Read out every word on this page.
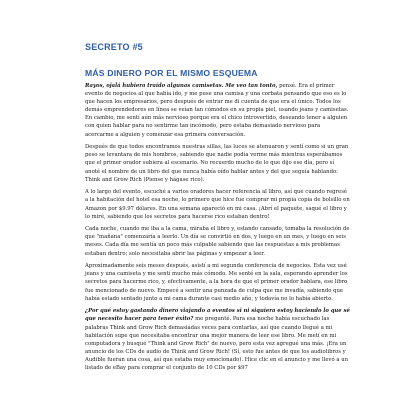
SECRETO #5
MÁS DINERO POR EL MISMO ESQUEMA

Rayos, ojalá hubiera traído algunas camisetas. Me veo tan tonto, pensé. Era el primer evento de negocios al que había ido, y me puse una camisa y una corbata pensando que eso es lo que hacen los empresarios, pero después de entrar me di cuenta de que era el único. Todos los demás emprendedores en línea se veían tan cómodos en su propia piel, usando jeans y camisetas. En cambio, me sentí aún más nervioso porque era el chico introvertido, deseando tener a alguien con quien hablar para no sentirme tan incómodo, pero estaba demasiado nervioso para acercarme a alguien y comenzar esa primera conversación.

Después de que todos encontramos nuestras sillas, las luces se atenuaron y sentí como si un gran peso se levantara de mis hombros, sabiendo que nadie podía verme más mientras esperábamos que el primer orador subiera al escenario. No recuerdo mucho de lo que dijo ese día, pero sí anoté el nombre de un libro del que nunca había oído hablar antes y del que seguía hablando: Think and Grow Rich (Piense y hágase rico).

A lo largo del evento, escuché a varios oradores hacer referencia al libro, así que cuando regresé a la habitación del hotel esa noche, lo primero que hice fue comprar mi propia copia de bolsillo en Amazon por $9.97 dólares. En una semana apareció en mi casa. ¡Abrí el paquete, saqué el libro y lo miré, sabiendo que los secretos para hacerse rico estaban dentro!

Cada noche, cuando me iba a la cama, miraba el libro y, estando cansado, tomaba la resolución de que "mañana" comenzaría a leerlo. Un día se convirtió en dos, y luego en un mes, y luego en seis meses. Cada día me sentía un poco más culpable sabiendo que las respuestas a mis problemas estaban dentro; solo necesitaba abrir las páginas y empezar a leer.

Aproximadamente seis meses después, asistí a mi segunda conferencia de negocios. Esta vez usé jeans y una camiseta y me sentí mucho más cómodo. Me senté en la sala, esperando aprender los secretos para hacerme rico, y, efectivamente, a la hora de que el primer orador hablara, ese libro fue mencionado de nuevo. Empecé a sentir una punzada de culpa que me invadía, sabiendo que había estado sentado junto a mi cama durante casi medio año, y todavía no lo había abierto.

¿Por qué estoy gastando dinero viajando a eventos si ni siquiera estoy haciendo lo que sé que necesito hacer para tener éxito? me pregunté. Para esa noche había escuchado las palabras Think and Grow Rich demasiadas veces para contarlas, así que cuando llegué a mi habitación supe que necesitaba encontrar una mejor manera de leer ese libro. Me metí en mi computadora y busqué "Think and Grow Rich" de nuevo, pero esta vez agregué una más. ¡Era un anuncio de los CDs de audio de Think and Grow Rich! (Sí, esto fue antes de que los audiolibros y Audible fueran una cosa, así que estaba muy emocionado). Hice clic en el anuncio y me llevó a un listado de eBay para comprar el conjunto de 10 CDs por $97
